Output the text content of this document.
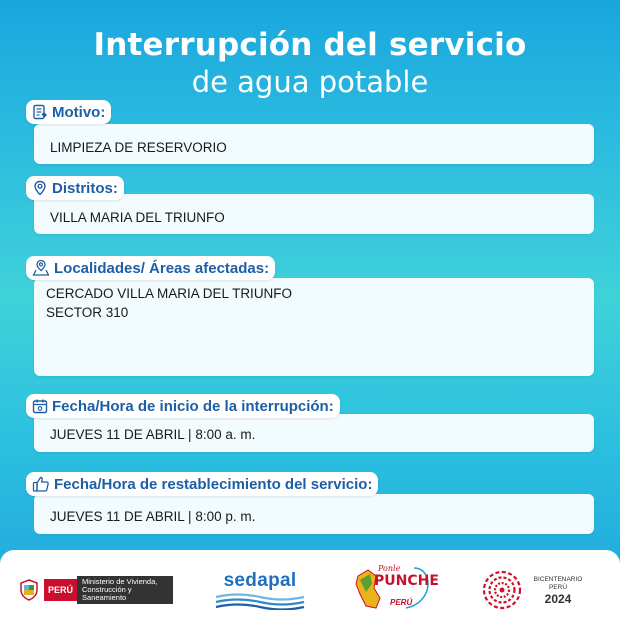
Interrupción del servicio
de agua potable
LIMPIEZA DE RESERVORIO
Motivo:
VILLA MARIA DEL TRIUNFO
Distritos:
CERCADO VILLA MARIA DEL TRIUNFO
SECTOR 310
Localidades/ Áreas afectadas:
JUEVES 11 DE ABRIL | 8:00 a. m.
Fecha/Hora de inicio de la interrupción:
JUEVES 11 DE ABRIL | 8:00 p. m.
Fecha/Hora de restablecimiento del servicio:
PERÚ
Ministerio de Vivienda, Construcción y Saneamiento
sedapal
Ponle
PUNCHE
PERÚ
BICENTENARIO PERÚ
2024
